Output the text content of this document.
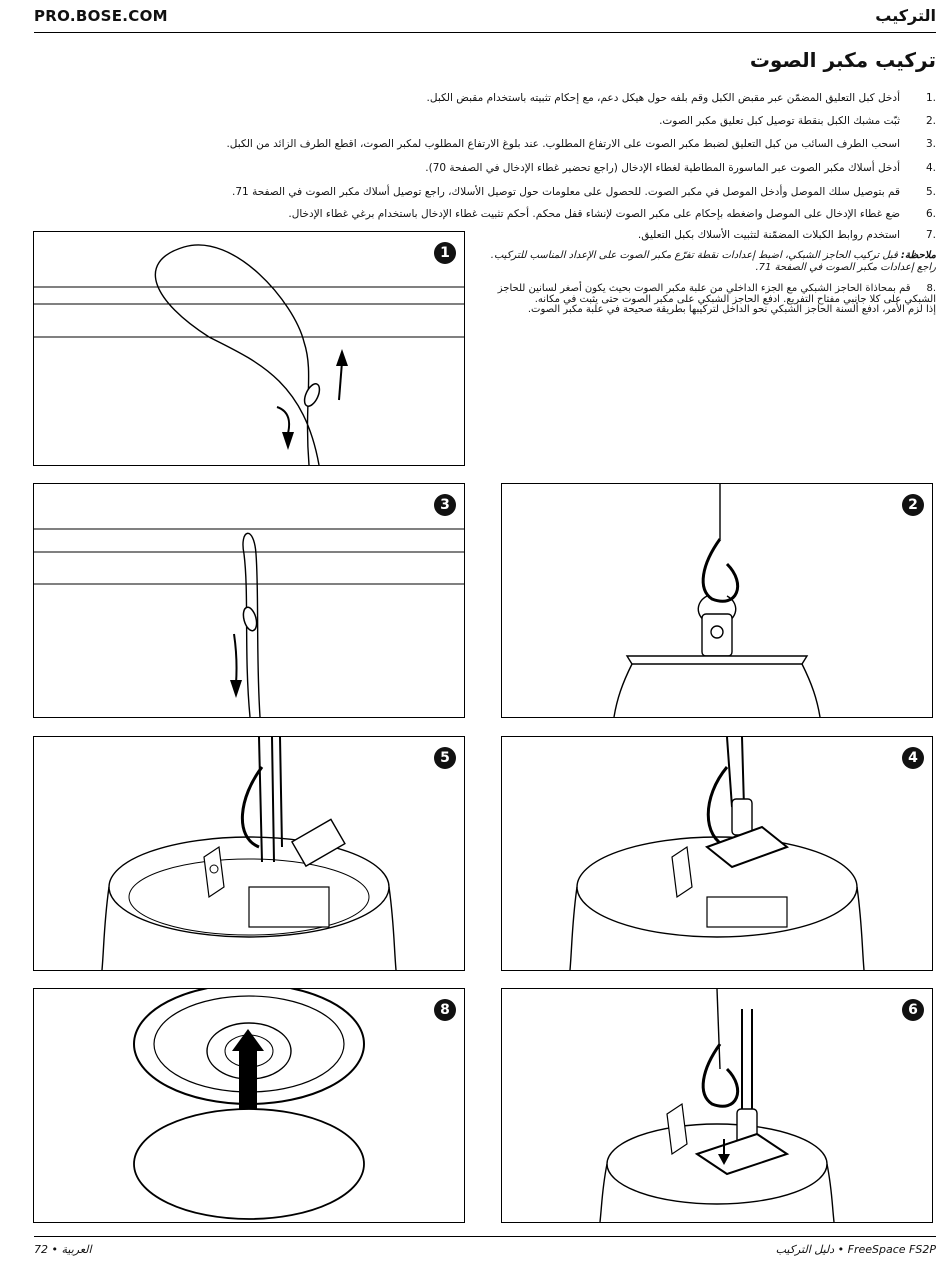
PRO.BOSE.COM	التركيب
تركيب مكبر الصوت
.1
أدخل كبل التعليق المضمّن عبر مقبض الكبل وقم بلفه حول هيكل دعم، مع إحكام تثبيته باستخدام مقبض الكبل.
.2
ثبّت مشبك الكبل بنقطة توصيل كبل تعليق مكبر الصوت.
.3
اسحب الطرف السائب من كبل التعليق لضبط مكبر الصوت على الارتفاع المطلوب. عند بلوغ الارتفاع المطلوب لمكبر الصوت، اقطع الطرف الزائد من الكبل.
.4
أدخل أسلاك مكبر الصوت عبر الماسورة المطاطية لغطاء الإدخال (راجع تحضير غطاء الإدخال في الصفحة 70).
.5
قم بتوصيل سلك الموصل وأدخل الموصل في مكبر الصوت. للحصول على معلومات حول توصيل الأسلاك، راجع توصيل أسلاك مكبر الصوت في الصفحة 71.
.6
ضع غطاء الإدخال على الموصل واضغطه بإحكام على مكبر الصوت لإنشاء قفل محكم. أحكم تثبيت غطاء الإدخال باستخدام برغي غطاء الإدخال.
.7
استخدم روابط الكبلات المضمّنة لتثبيت الأسلاك بكبل التعليق.
ملاحظة: قبل تركيب الحاجز الشبكي، اضبط إعدادات نقطة تفرّع مكبر الصوت على الإعداد المناسب للتركيب.
راجع إعدادات مكبر الصوت في الصفحة 71.
.8     قم بمحاذاة الحاجز الشبكي مع الجزء الداخلي من علبة مكبر الصوت بحيث يكون أصغر لسانين للحاجز
الشبكي على كلا جانبي مفتاح التفريع. ادفع الحاجز الشبكي على مكبر الصوت حتى يثبت في مكانه.
إذا لزم الأمر، ادفع ألسنة الحاجز الشبكي نحو الداخل لتركيبها بطريقة صحيحة في علبة مكبر الصوت.
1
3	2
5	4
8	6
العربية • 72	دليل التركيب • FreeSpace FS2P
